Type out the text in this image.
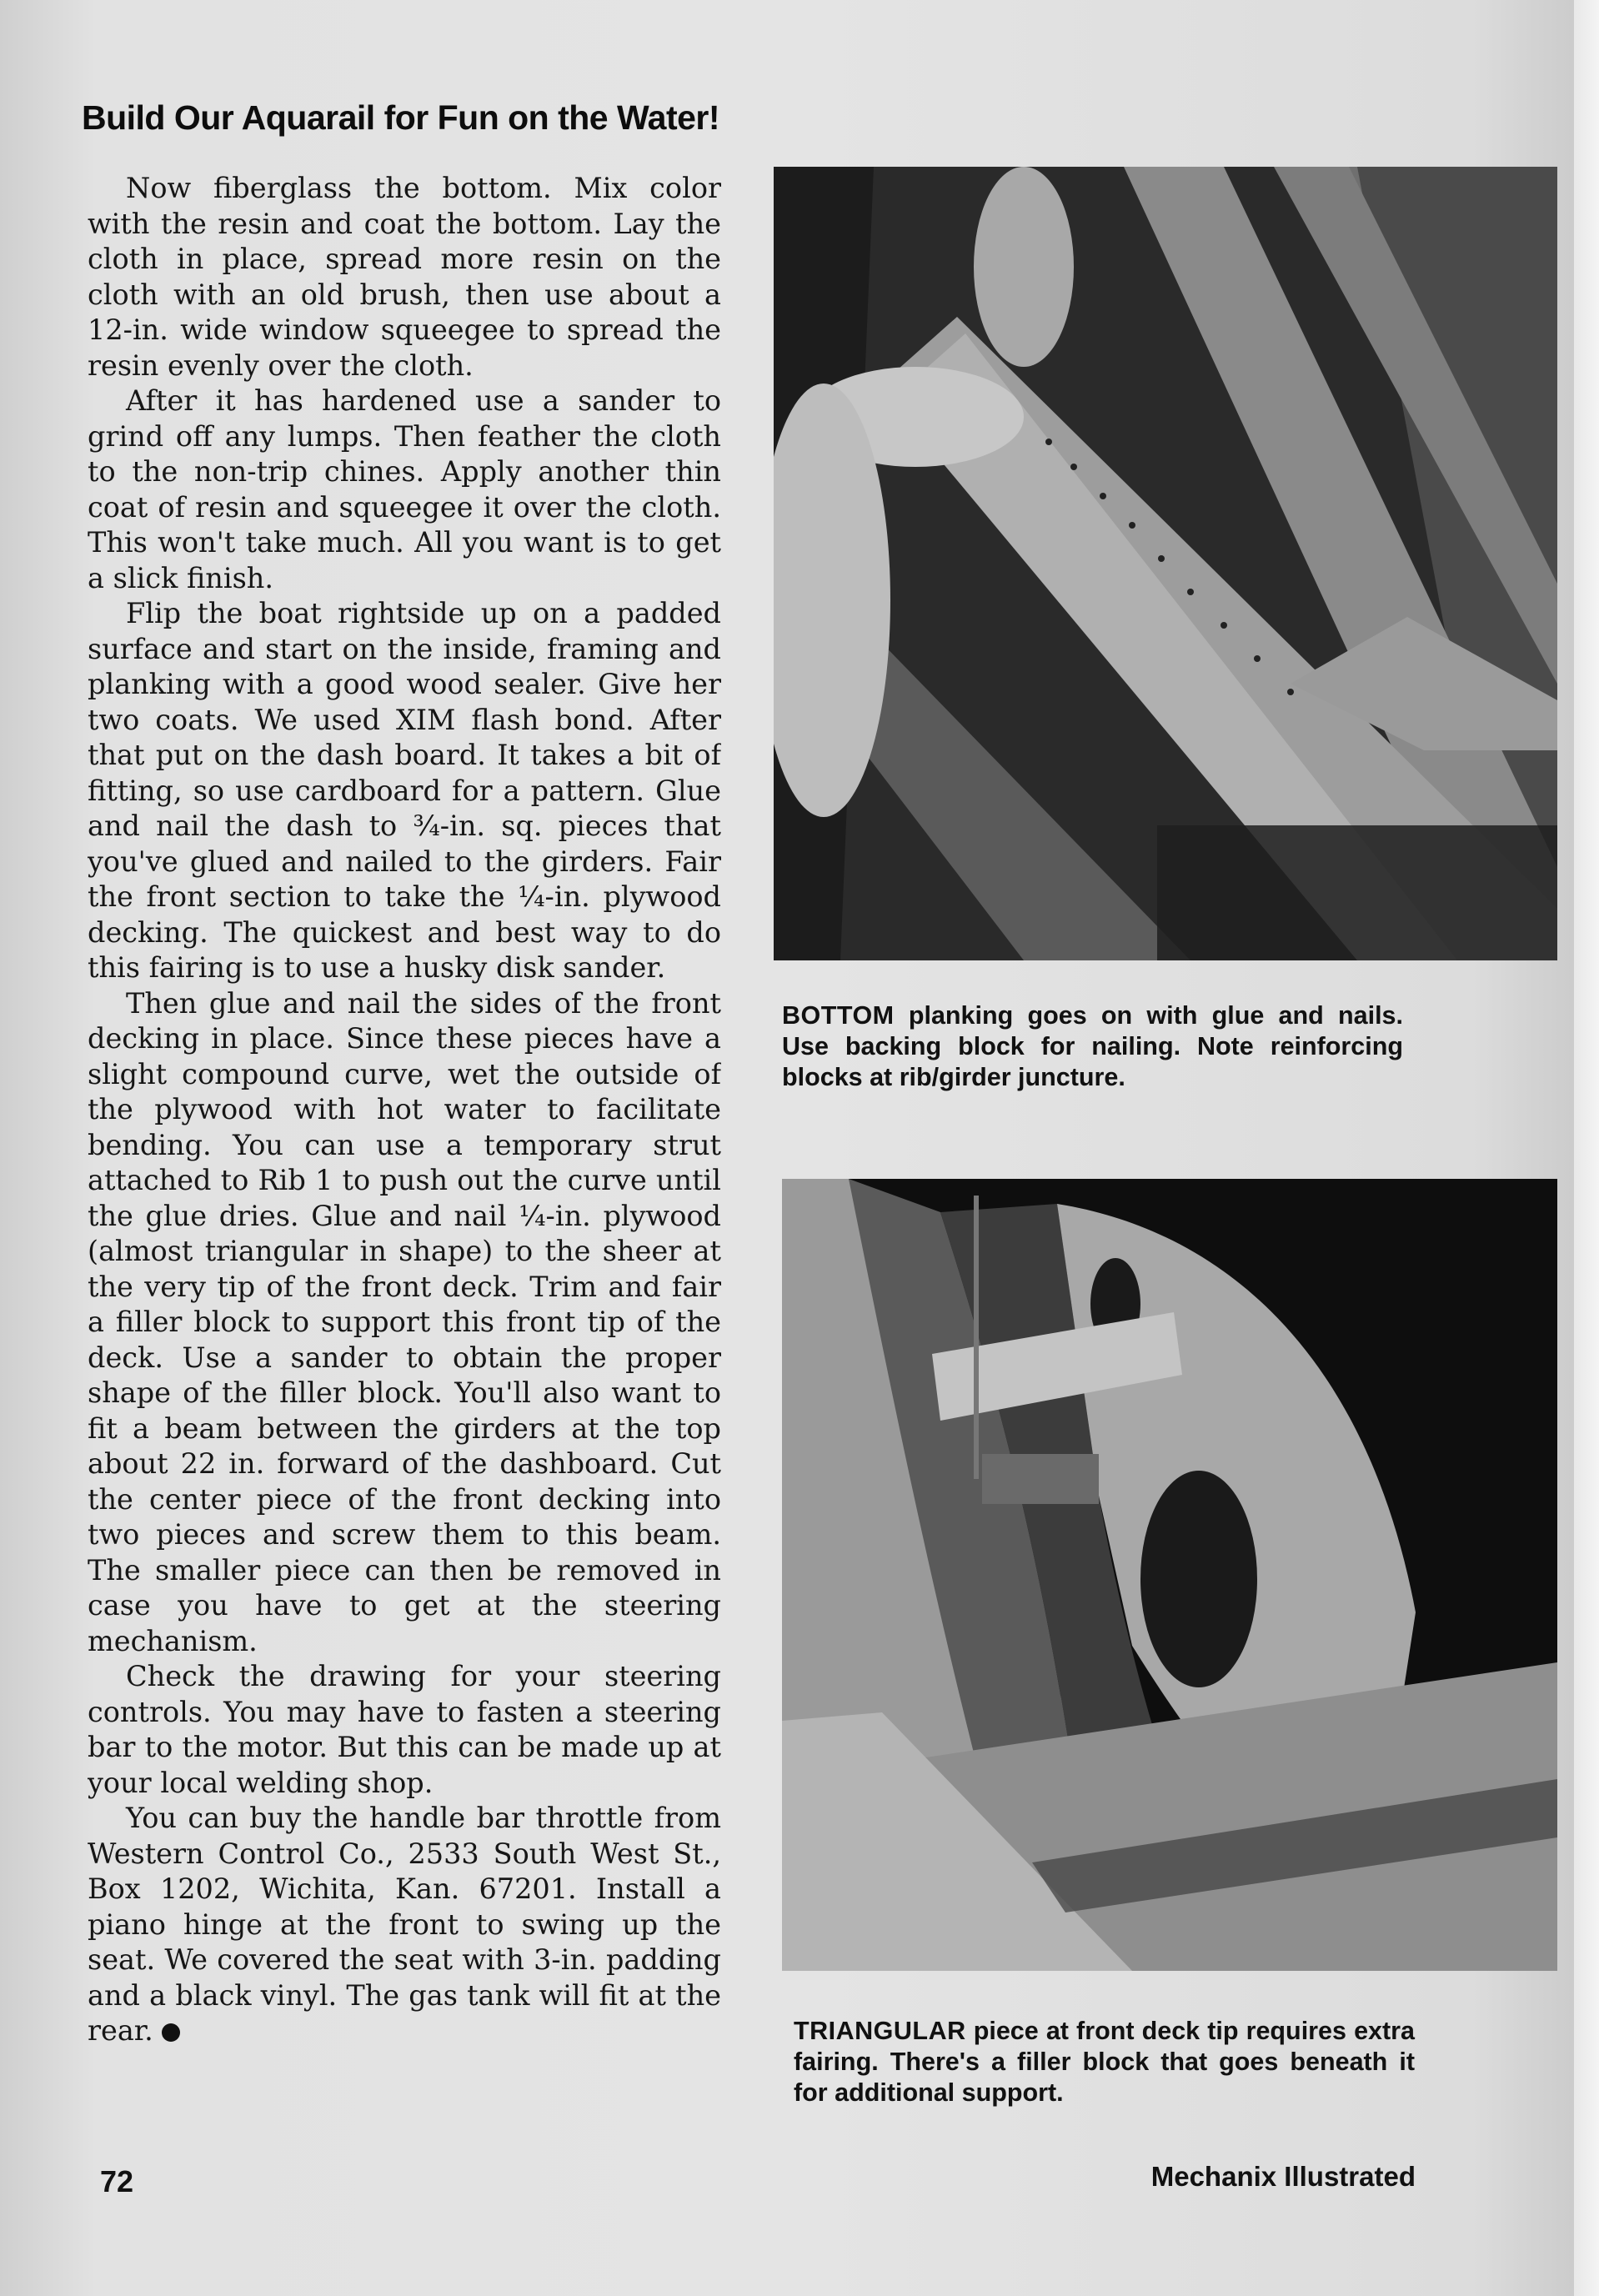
Build Our Aquarail for Fun on the Water!

Now fiberglass the bottom. Mix color with the resin and coat the bottom. Lay the cloth in place, spread more resin on the cloth with an old brush, then use about a 12-in. wide window squeegee to spread the resin evenly over the cloth.

After it has hardened use a sander to grind off any lumps. Then feather the cloth to the non-trip chines. Apply another thin coat of resin and squeegee it over the cloth. This won't take much. All you want is to get a slick finish.

Flip the boat rightside up on a padded surface and start on the inside, framing and planking with a good wood sealer. Give her two coats. We used XIM flash bond. After that put on the dash board. It takes a bit of fitting, so use cardboard for a pattern. Glue and nail the dash to ¾-in. sq. pieces that you've glued and nailed to the girders. Fair the front section to take the ¼-in. plywood decking. The quickest and best way to do this fairing is to use a husky disk sander.

Then glue and nail the sides of the front decking in place. Since these pieces have a slight compound curve, wet the outside of the plywood with hot water to facilitate bending. You can use a temporary strut attached to Rib 1 to push out the curve until the glue dries. Glue and nail ¼-in. plywood (almost triangular in shape) to the sheer at the very tip of the front deck. Trim and fair a filler block to support this front tip of the deck. Use a sander to obtain the proper shape of the filler block. You'll also want to fit a beam between the girders at the top about 22 in. forward of the dashboard. Cut the center piece of the front decking into two pieces and screw them to this beam. The smaller piece can then be removed in case you have to get at the steering mechanism.

Check the drawing for your steering controls. You may have to fasten a steering bar to the motor. But this can be made up at your local welding shop.

You can buy the handle bar throttle from Western Control Co., 2533 South West St., Box 1202, Wichita, Kan. 67201. Install a piano hinge at the front to swing up the seat. We covered the seat with 3-in. padding and a black vinyl. The gas tank will fit at the rear.

BOTTOM planking goes on with glue and nails. Use backing block for nailing. Note reinforcing blocks at rib/girder juncture.

TRIANGULAR piece at front deck tip requires extra fairing. There's a filler block that goes beneath it for additional support.

72	Mechanix Illustrated
